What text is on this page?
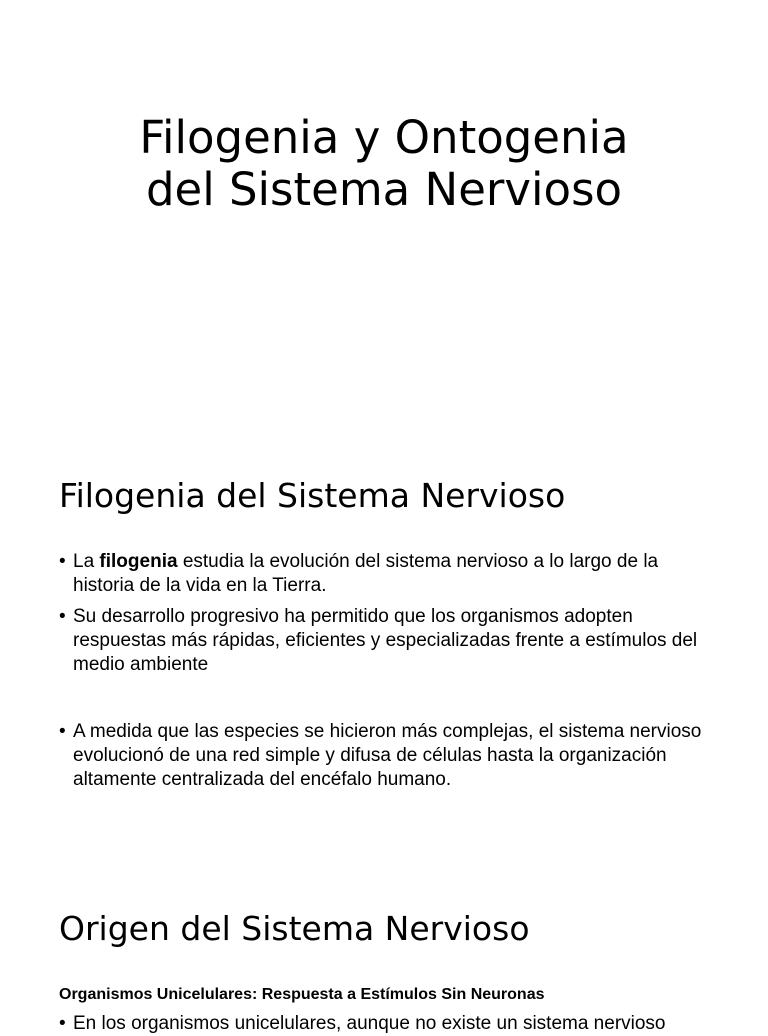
Filogenia y Ontogenia
del Sistema Nervioso
Filogenia del Sistema Nervioso
• La filogenia estudia la evolución del sistema nervioso a lo largo de la historia de la vida en la Tierra.
• Su desarrollo progresivo ha permitido que los organismos adopten respuestas más rápidas, eficientes y especializadas frente a estímulos del medio ambiente
• A medida que las especies se hicieron más complejas, el sistema nervioso evolucionó de una red simple y difusa de células hasta la organización altamente centralizada del encéfalo humano.
Origen del Sistema Nervioso

Organismos Unicelulares: Respuesta a Estímulos Sin Neuronas

• En los organismos unicelulares, aunque no existe un sistema nervioso
